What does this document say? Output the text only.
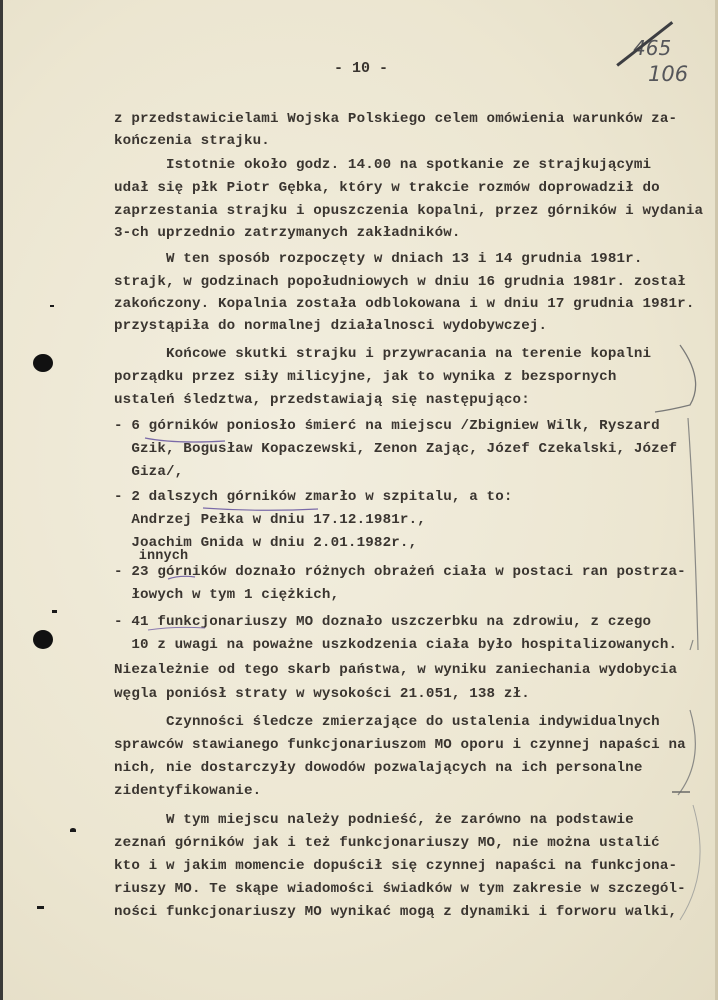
- 10 -
465
106
z przedstawicielami Wojska Polskiego celem omówienia warunków za-
kończenia strajku.
Istotnie około godz. 14.00 na spotkanie ze strajkującymi
udał się płk Piotr Gębka, który w trakcie rozmów doprowadził do
zaprzestania strajku i opuszczenia kopalni, przez górników i wydania
3-ch uprzednio zatrzymanych zakładników.
W ten sposób rozpoczęty w dniach 13 i 14 grudnia 1981r.
strajk, w godzinach popołudniowych w dniu 16 grudnia 1981r. został
zakończony. Kopalnia została odblokowana i w dniu 17 grudnia 1981r.
przystąpiła do normalnej działalnosci wydobywczej.
Końcowe skutki strajku i przywracania na terenie kopalni
porządku przez siły milicyjne, jak to wynika z bezspornych
ustaleń śledztwa, przedstawiają się następująco:
- 6 górników poniosło śmierć na miejscu /Zbigniew Wilk, Ryszard
Gzik, Bogusław Kopaczewski, Zenon Zając, Józef Czekalski, Józef
Giza/,
- 2 dalszych górników zmarło w szpitalu, a to:
Andrzej Pełka w dniu 17.12.1981r.,
Joachim Gnida w dniu 2.01.1982r.,
innych
- 23 górników doznało różnych obrażeń ciała w postaci ran postrza-
łowych w tym 1 ciężkich,
- 41 funkcjonariuszy MO doznało uszczerbku na zdrowiu, z czego
10 z uwagi na poważne uszkodzenia ciała było hospitalizowanych.
Niezależnie od tego skarb państwa, w wyniku zaniechania wydobycia
węgla poniósł straty w wysokości 21.051, 138 zł.
Czynności śledcze zmierzające do ustalenia indywidualnych
sprawców stawianego funkcjonariuszom MO oporu i czynnej napaści na
nich, nie dostarczyły dowodów pozwalających na ich personalne
zidentyfikowanie.
W tym miejscu należy podnieść, że zarówno na podstawie
zeznań górników jak i też funkcjonariuszy MO, nie można ustalić
kto i w jakim momencie dopuścił się czynnej napaści na funkcjona-
riuszy MO. Te skąpe wiadomości świadków w tym zakresie w szczegól-
ności funkcjonariuszy MO wynikać mogą z dynamiki i forworu walki,
